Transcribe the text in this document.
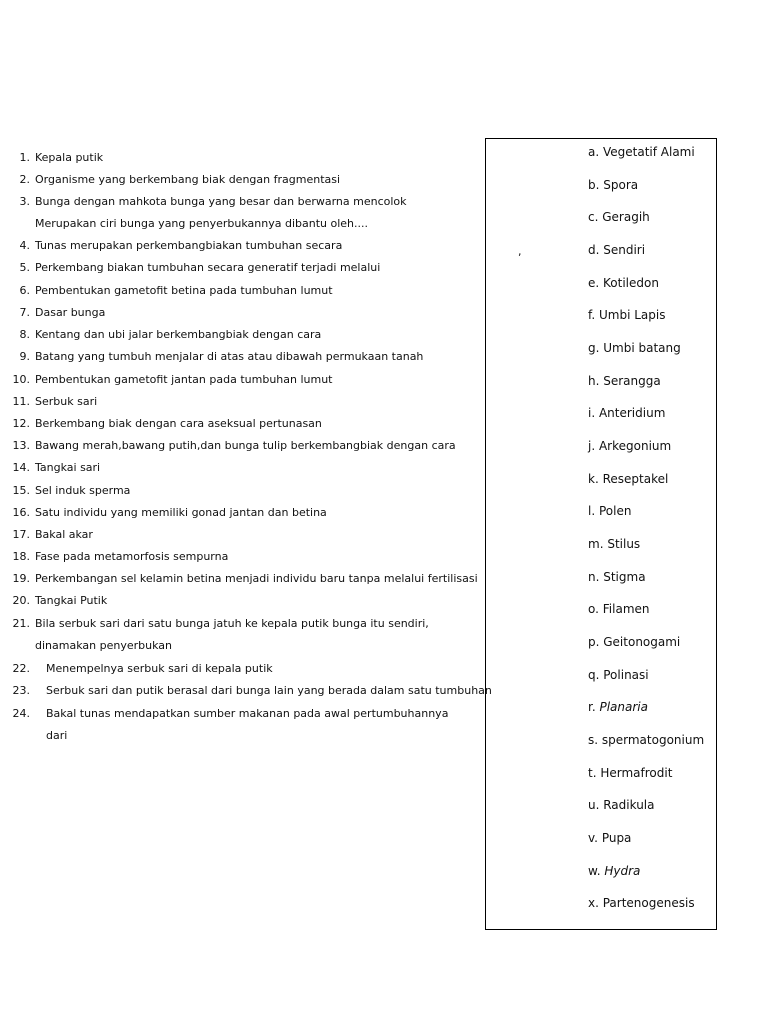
1. Kepala putik
2. Organisme yang berkembang biak dengan fragmentasi
3. Bunga dengan mahkota bunga yang besar dan berwarna mencolok
Merupakan ciri bunga yang penyerbukannya dibantu oleh....
4. Tunas merupakan perkembangbiakan tumbuhan secara
5. Perkembang biakan tumbuhan secara generatif terjadi melalui
6. Pembentukan gametofit betina pada tumbuhan lumut
7. Dasar bunga
8. Kentang dan ubi jalar berkembangbiak dengan cara
9. Batang yang tumbuh menjalar di atas atau dibawah permukaan tanah
10. Pembentukan gametofit jantan pada tumbuhan lumut
11. Serbuk sari
12. Berkembang biak dengan cara aseksual pertunasan
13. Bawang merah,bawang putih,dan bunga tulip berkembangbiak dengan cara
14. Tangkai sari
15. Sel induk sperma
16. Satu individu yang memiliki gonad jantan dan betina
17. Bakal akar
18. Fase pada metamorfosis sempurna
19. Perkembangan sel kelamin betina menjadi individu baru tanpa melalui fertilisasi
20. Tangkai Putik
21. Bila serbuk sari dari satu bunga jatuh ke kepala putik bunga itu sendiri,
dinamakan penyerbukan
22. Menempelnya serbuk sari di kepala putik
23. Serbuk sari dan putik berasal dari bunga lain yang berada dalam satu tumbuhan
24. Bakal tunas mendapatkan sumber makanan pada awal pertumbuhannya
dari
,
a. Vegetatif Alami
b. Spora
c. Geragih
d. Sendiri
e. Kotiledon
f. Umbi Lapis
g. Umbi batang
h. Serangga
i. Anteridium
j. Arkegonium
k. Reseptakel
l. Polen
m. Stilus
n. Stigma
o. Filamen
p. Geitonogami
q. Polinasi
r. Planaria
s. spermatogonium
t. Hermafrodit
u. Radikula
v. Pupa
w. Hydra
x. Partenogenesis
